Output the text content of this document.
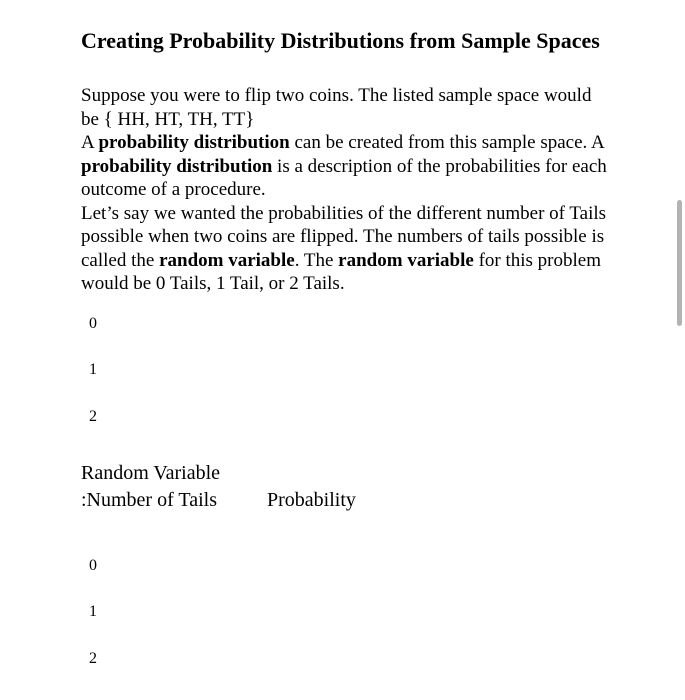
Creating Probability Distributions from Sample Spaces

Suppose you were to flip two coins. The listed sample space would be { HH, HT, TH, TT}

A probability distribution can be created from this sample space. A probability distribution is a description of the probabilities for each outcome of a procedure.

Let’s say we wanted the probabilities of the different number of Tails possible when two coins are flipped. The numbers of tails possible is called the random variable. The random variable for this problem would be 0 Tails, 1 Tail, or 2 Tails.

0
1
2
Random Variable
:Number of Tails	Probability
0
1
2
